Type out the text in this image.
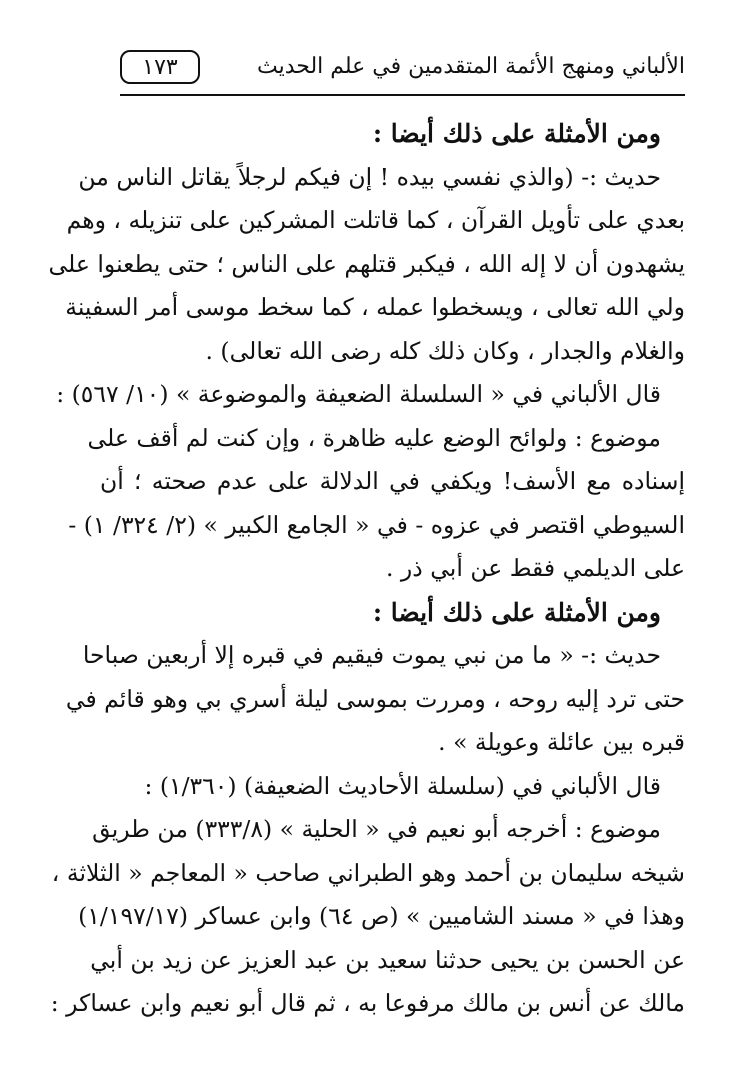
الألباني ومنهج الأئمة المتقدمين في علم الحديث
١٧٣
ومن الأمثلة على ذلك أيضا :
حديث :- (والذي نفسي بيده ! إن فيكم لرجلاً يقاتل الناس من
بعدي على تأويل القرآن ، كما قاتلت المشركين على تنزيله ، وهم
يشهدون أن لا إله الله ، فيكبر قتلهم على الناس ؛ حتى يطعنوا على
ولي الله تعالى ، ويسخطوا عمله ، كما سخط موسى أمر السفينة
والغلام والجدار ، وكان ذلك كله رضى الله تعالى) .
قال الألباني في « السلسلة الضعيفة والموضوعة » (١٠/ ٥٦٧) :
موضوع : ولوائح الوضع عليه ظاهرة ، وإن كنت لم أقف على
إسناده مع الأسف! ويكفي في الدلالة على عدم صحته ؛ أن
السيوطي اقتصر في عزوه - في « الجامع الكبير » (٢/ ٣٢٤/ ١) -
على الديلمي فقط عن أبي ذر .
ومن الأمثلة على ذلك أيضا :
حديث :- « ما من نبي يموت فيقيم في قبره إلا أربعين صباحا
حتى ترد إليه روحه ، ومررت بموسى ليلة أسري بي وهو قائم في
قبره بين عائلة وعويلة » .
قال الألباني في (سلسلة الأحاديث الضعيفة) (١/٣٦٠) :
موضوع : أخرجه أبو نعيم في « الحلية » (٣٣٣/٨) من طريق
شيخه سليمان بن أحمد وهو الطبراني صاحب « المعاجم « الثلاثة ،
وهذا في « مسند الشاميين » (ص ٦٤) وابن عساكر (١/١٩٧/١٧)
عن الحسن بن يحيى حدثنا سعيد بن عبد العزيز عن زيد بن أبي
مالك عن أنس بن مالك مرفوعا به ، ثم قال أبو نعيم وابن عساكر :
